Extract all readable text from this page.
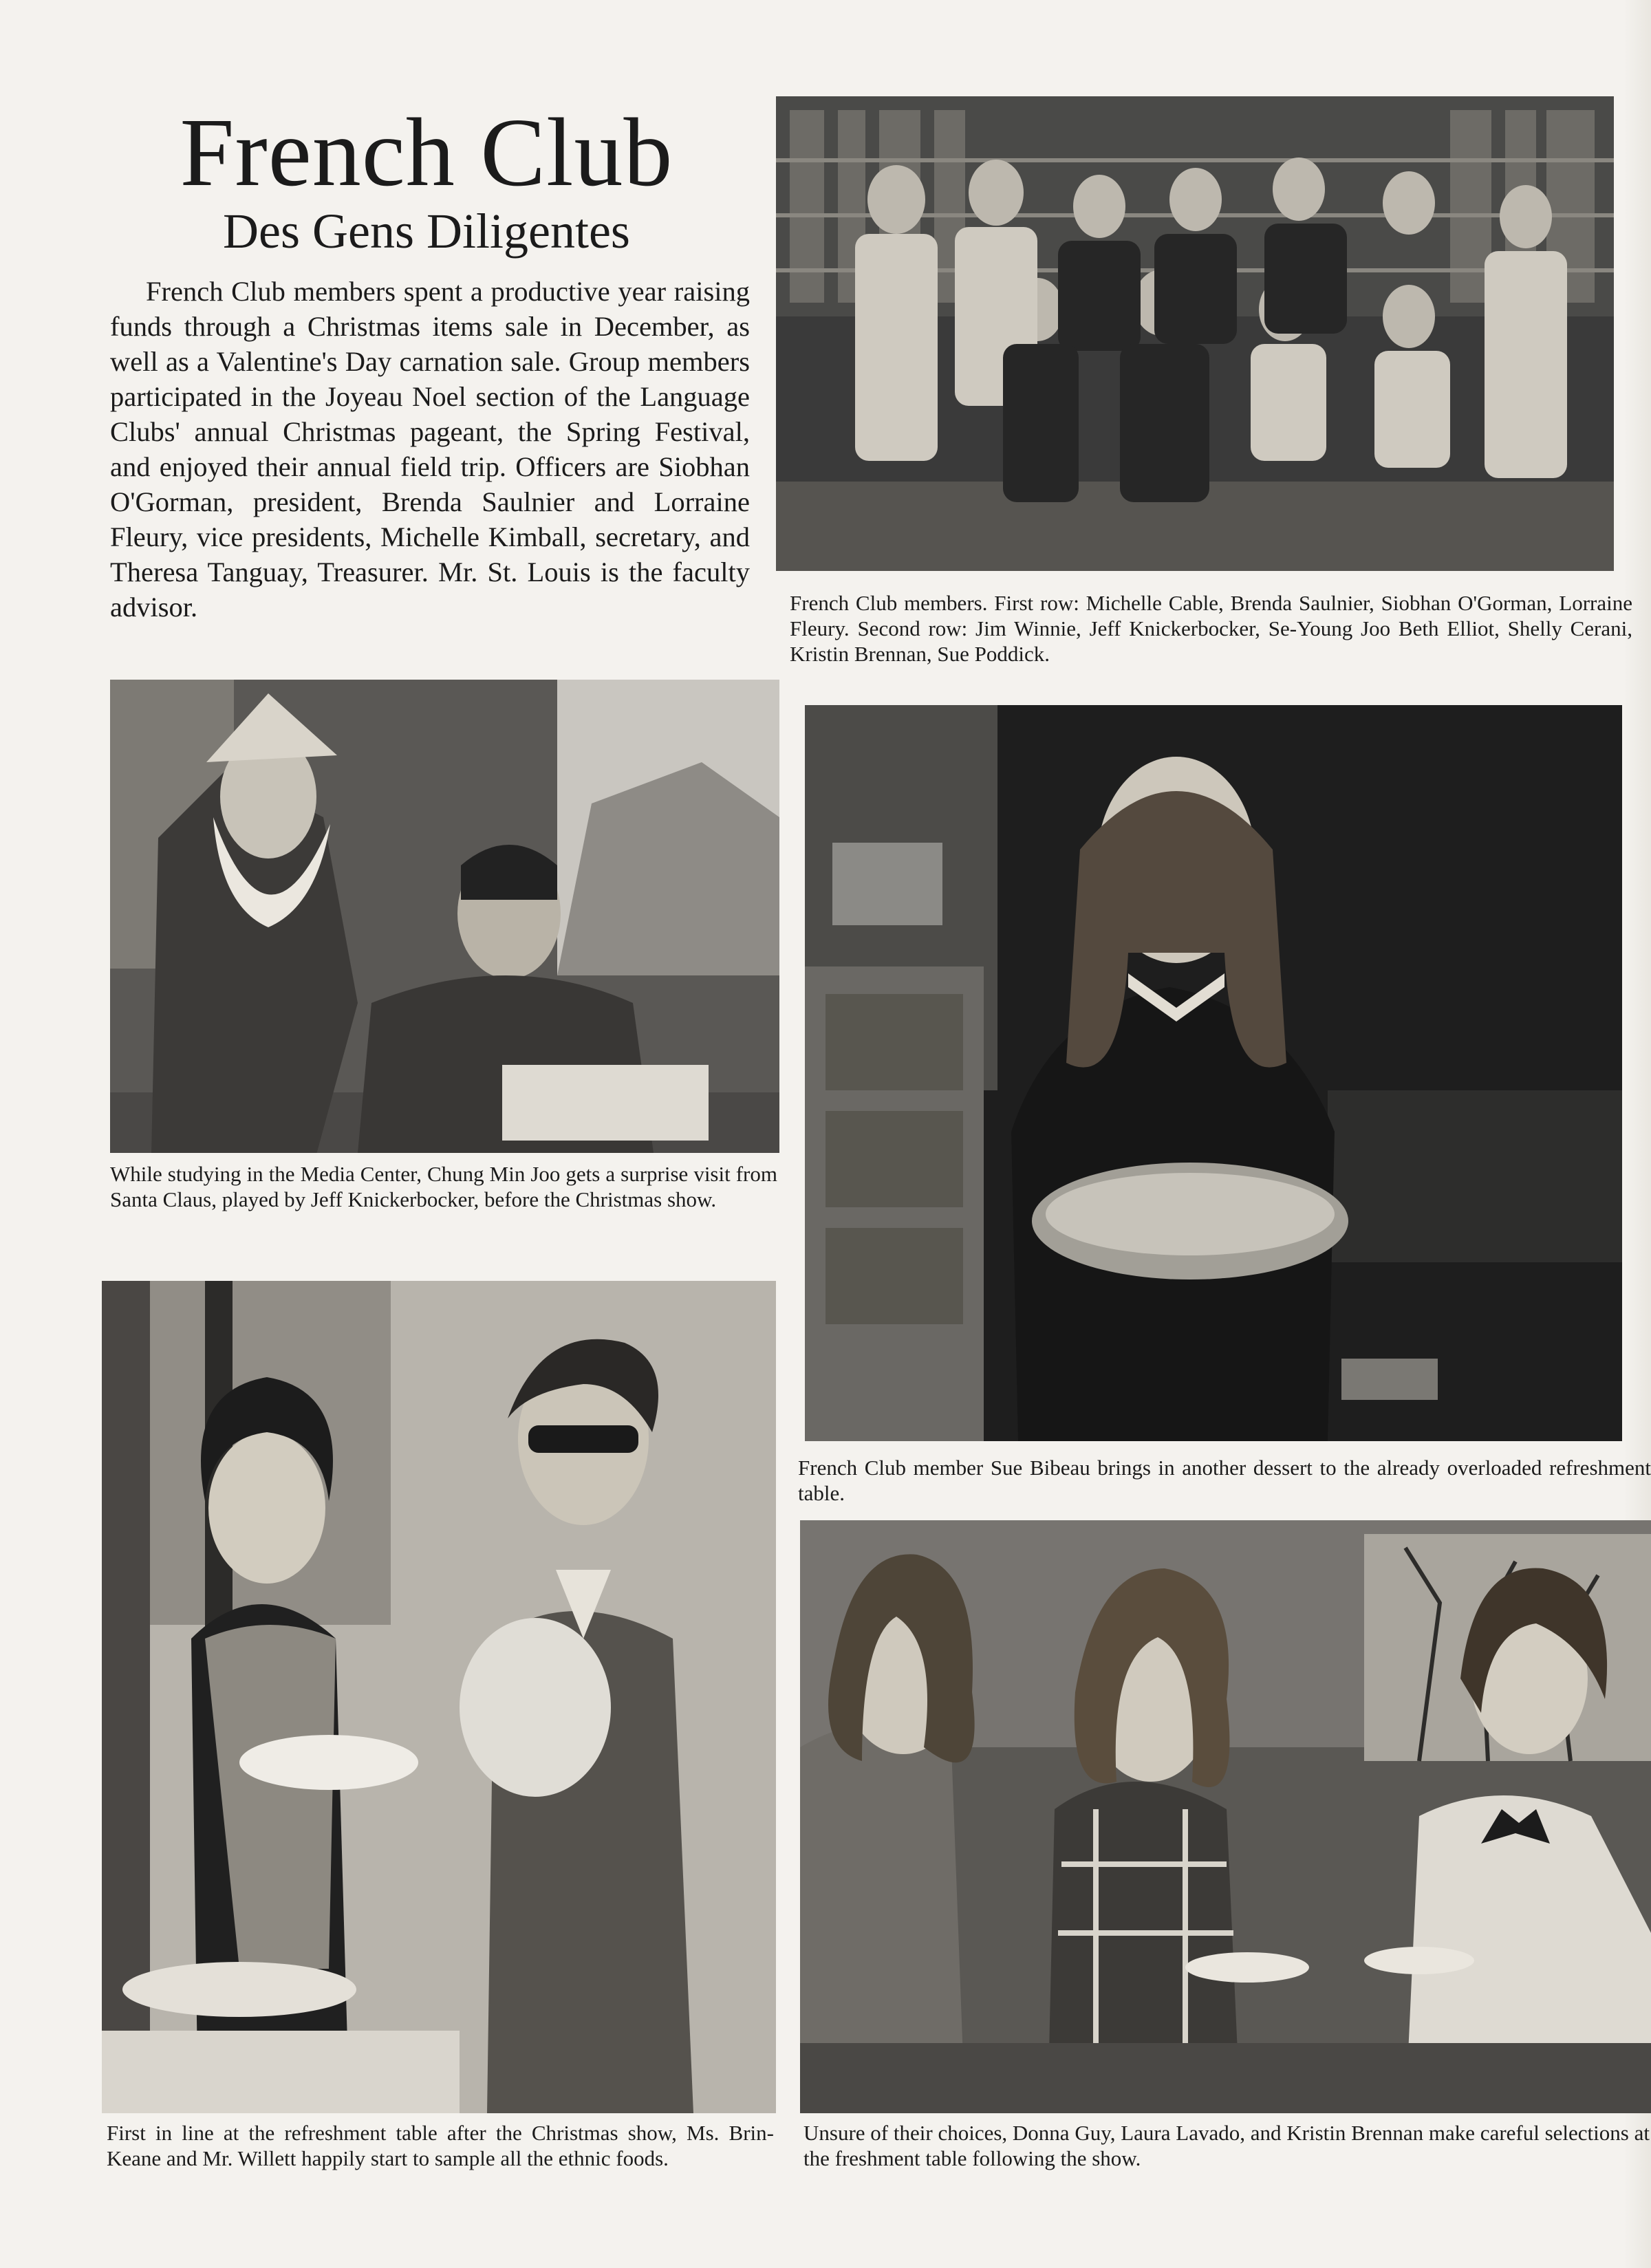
French Club
Des Gens Diligentes

French Club members spent a productive year raising funds through a Christmas items sale in December, as well as a Valentine's Day carnation sale. Group members participated in the Joyeau Noel section of the Language Clubs' annual Christmas pageant, the Spring Festival, and enjoyed their annual field trip. Officers are Siobhan O'Gorman, president, Brenda Saulnier and Lorraine Fleury, vice presidents, Michelle Kimball, secretary, and Theresa Tanguay, Treasurer. Mr. St. Louis is the faculty advisor.	French Club members. First row: Michelle Cable, Brenda Saulnier, Siobhan O'Gorman, Lorraine Fleury. Second row: Jim Winnie, Jeff Knickerbocker, Se-Young Joo Beth Elliot, Shelly Cerani, Kristin Brennan, Sue Poddick.

While studying in the Media Center, Chung Min Joo gets a surprise visit from Santa Claus, played by Jeff Knickerbocker, before the Christmas show.

French Club member Sue Bibeau brings in another dessert to the already overloaded refreshment table.

First in line at the refreshment table after the Christmas show, Ms. Brin-Keane and Mr. Willett happily start to sample all the ethnic foods.

Unsure of their choices, Donna Guy, Laura Lavado, and Kristin Brennan make careful selections at the freshment table following the show.
